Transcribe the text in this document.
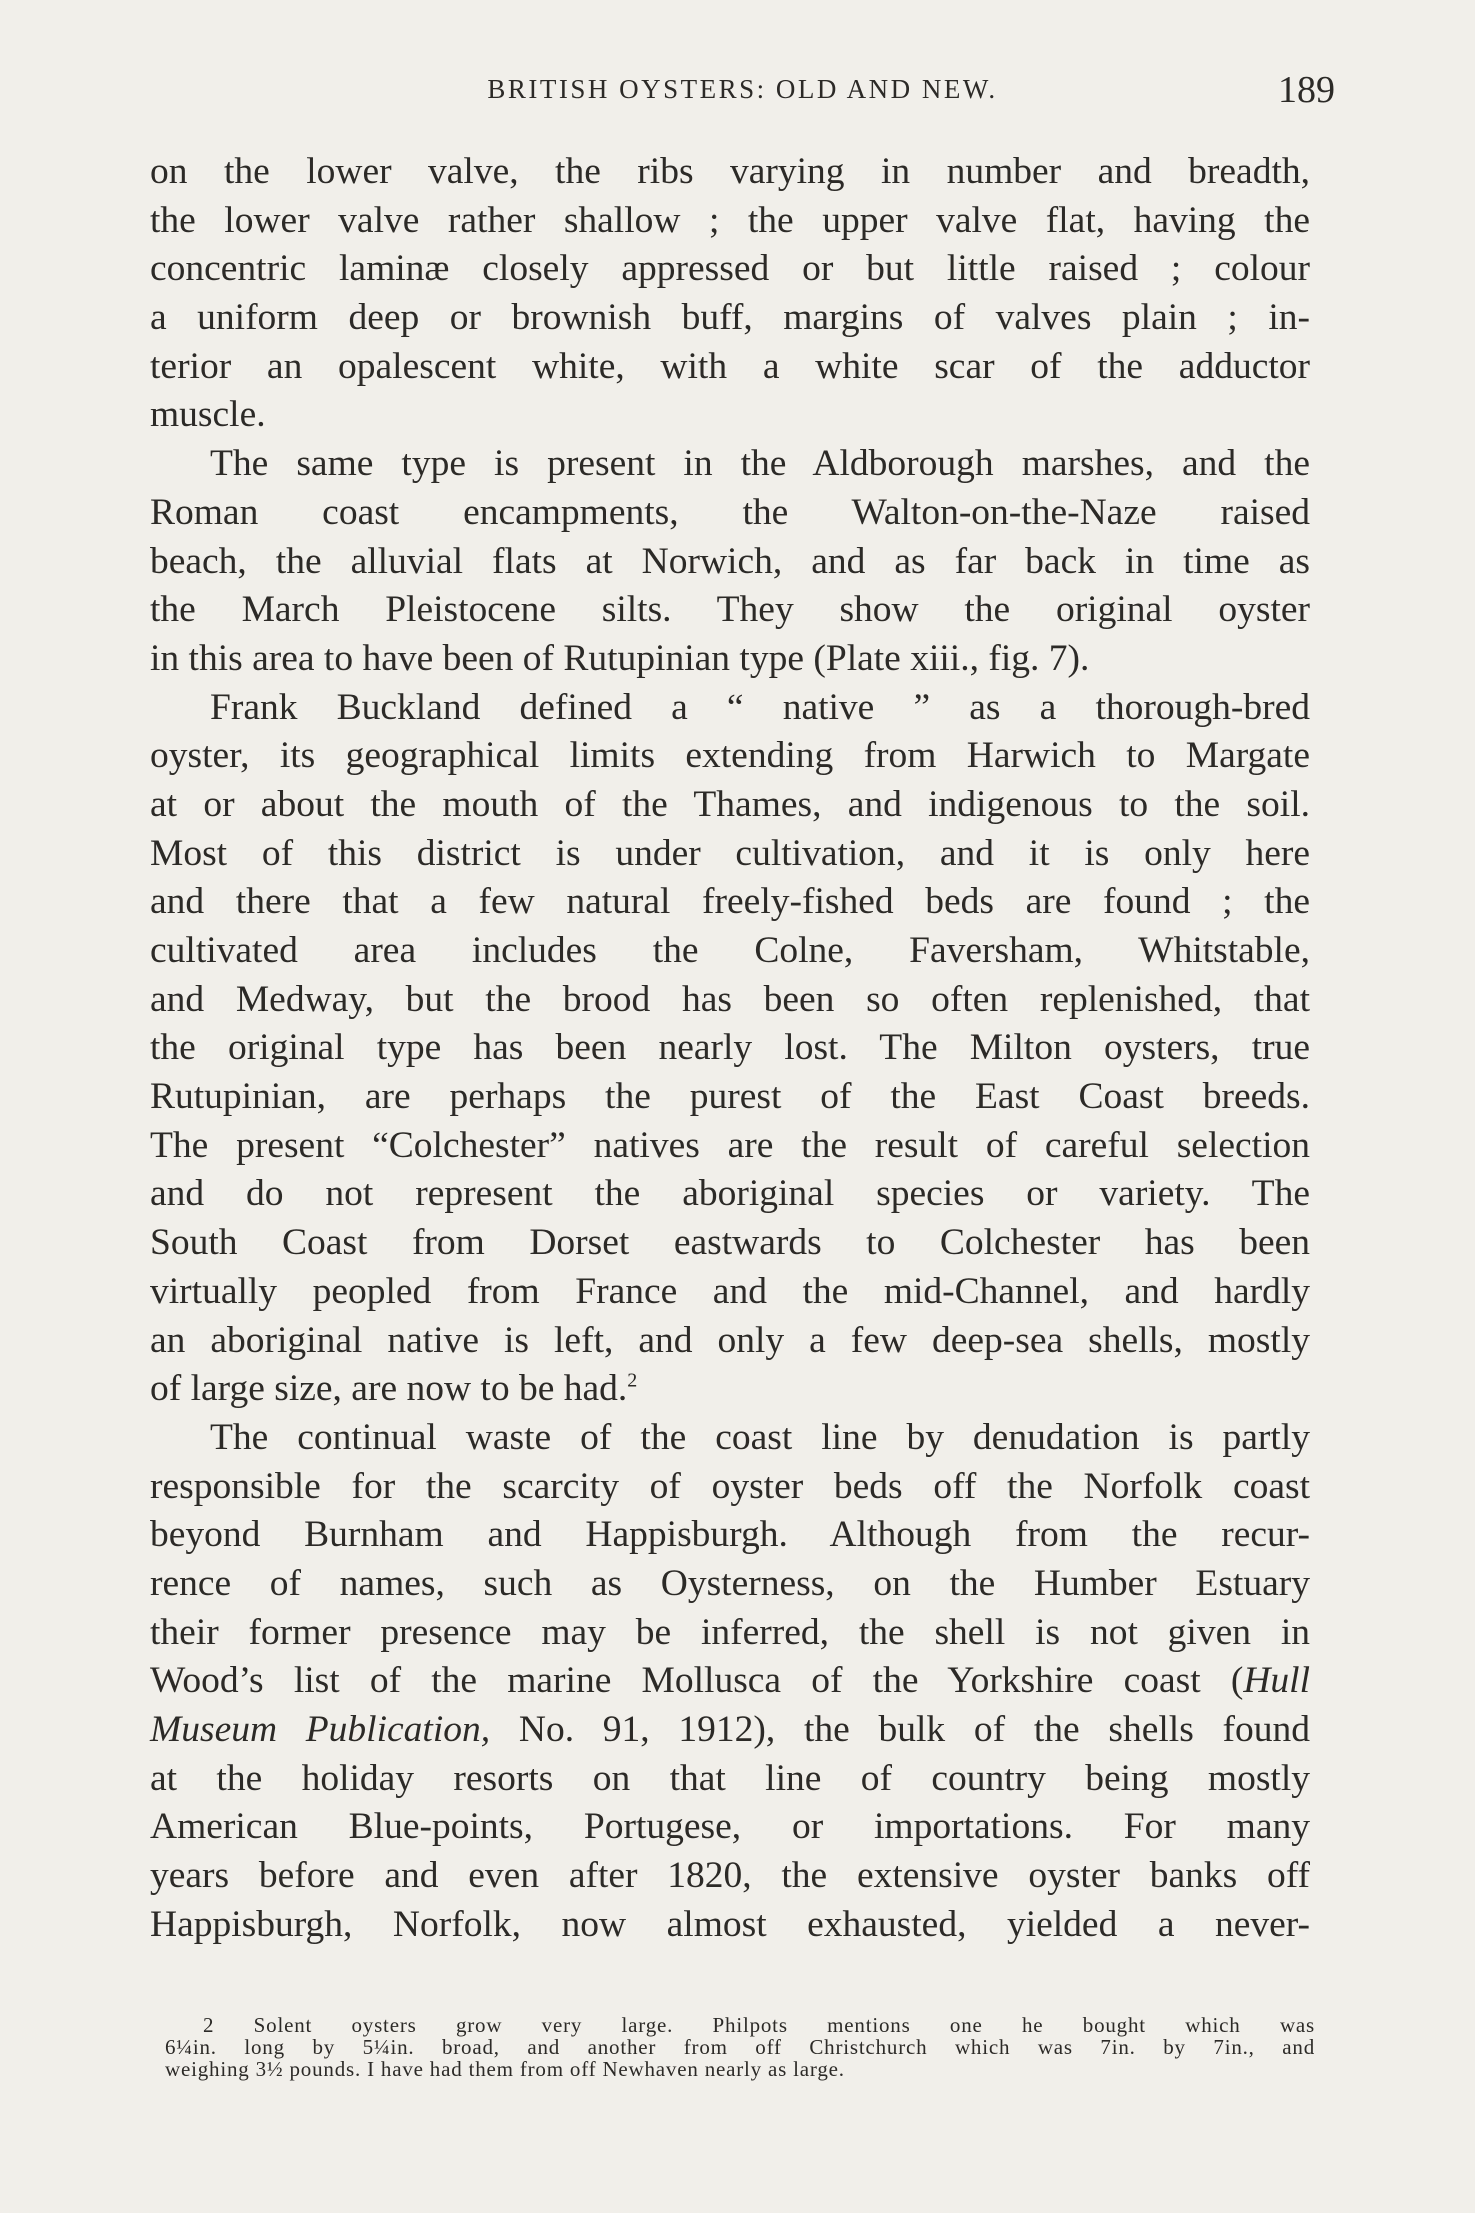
BRITISH OYSTERS: OLD AND NEW.	189
on the lower valve, the ribs varying in number and breadth,
the lower valve rather shallow ; the upper valve flat, having the
concentric laminæ closely appressed or but little raised ; colour
a uniform deep or brownish buff, margins of valves plain ; in-
terior an opalescent white, with a white scar of the adductor
muscle.
The same type is present in the Aldborough marshes, and the
Roman coast encampments, the Walton-on-the-Naze raised
beach, the alluvial flats at Norwich, and as far back in time as
the March Pleistocene silts. They show the original oyster
in this area to have been of Rutupinian type (Plate xiii., fig. 7).
Frank Buckland defined a “ native ” as a thorough-bred
oyster, its geographical limits extending from Harwich to Margate
at or about the mouth of the Thames, and indigenous to the soil.
Most of this district is under cultivation, and it is only here
and there that a few natural freely-fished beds are found ; the
cultivated area includes the Colne, Faversham, Whitstable,
and Medway, but the brood has been so often replenished, that
the original type has been nearly lost. The Milton oysters, true
Rutupinian, are perhaps the purest of the East Coast breeds.
The present “Colchester” natives are the result of careful selection
and do not represent the aboriginal species or variety. The
South Coast from Dorset eastwards to Colchester has been
virtually peopled from France and the mid-Channel, and hardly
an aboriginal native is left, and only a few deep-sea shells, mostly
of large size, are now to be had.$^2$
The continual waste of the coast line by denudation is partly
responsible for the scarcity of oyster beds off the Norfolk coast
beyond Burnham and Happisburgh. Although from the recur-
rence of names, such as Oysterness, on the Humber Estuary
their former presence may be inferred, the shell is not given in
Wood’s list of the marine Mollusca of the Yorkshire coast (Hull
Museum Publication, No. 91, 1912), the bulk of the shells found
at the holiday resorts on that line of country being mostly
American Blue-points, Portugese, or importations. For many
years before and even after 1820, the extensive oyster banks off
Happisburgh, Norfolk, now almost exhausted, yielded a never-
2 Solent oysters grow very large. Philpots mentions one he bought which was
6¼in. long by 5¼in. broad, and another from off Christchurch which was 7in. by 7in., and
weighing 3½ pounds. I have had them from off Newhaven nearly as large.
